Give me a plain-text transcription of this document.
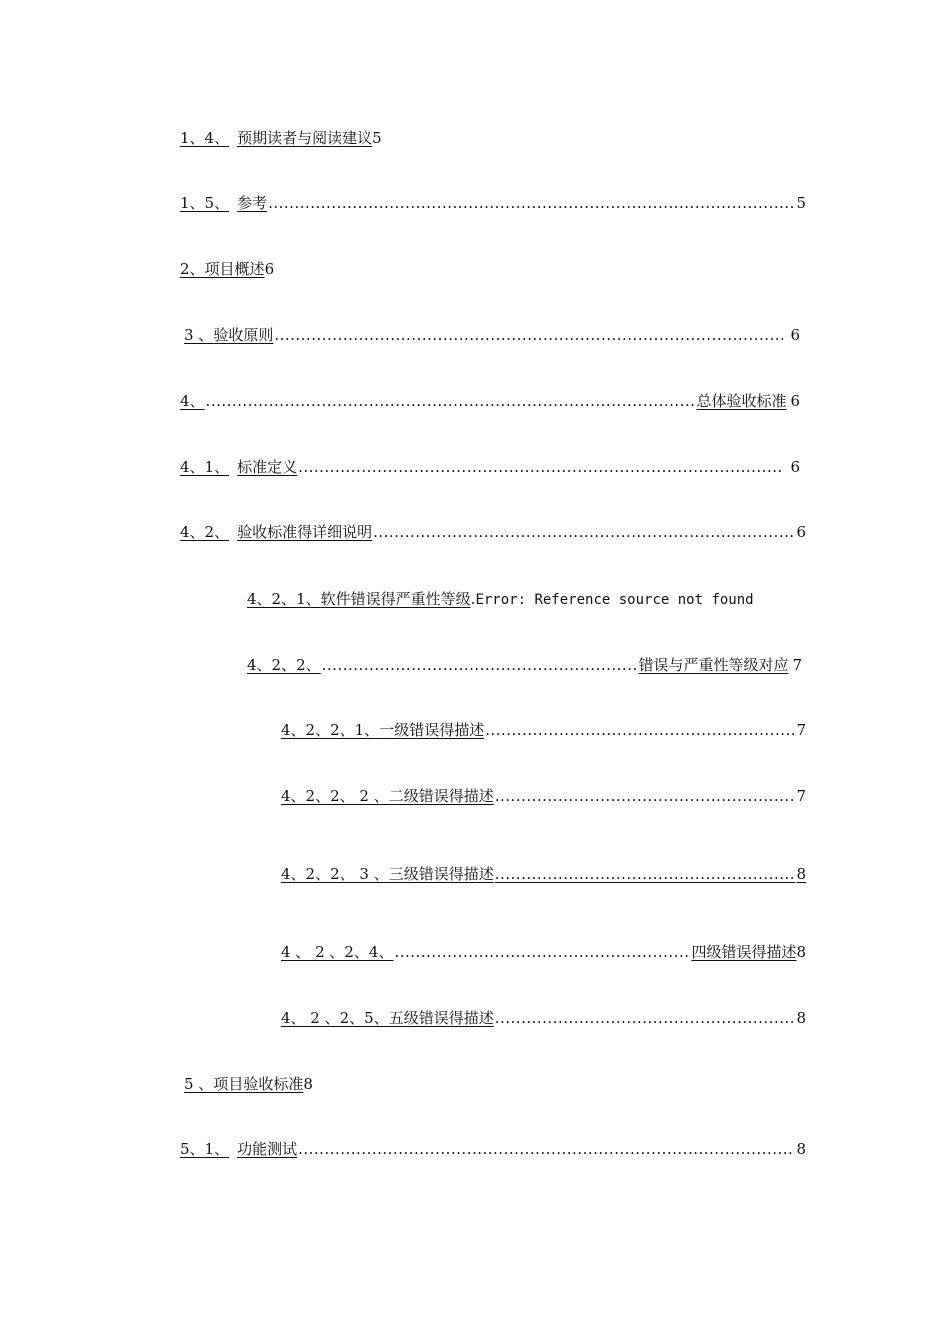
1、4、 预期读者与阅读建议 5
1、5、 参考 .....	5
2、 项目概述 6
3 、 验收原则 .....	6
4、 .....	总体验收标准 6
4、1、 标准定义 .....	6
4、2、 验收标准得详细说明 .....	6
4、2、1、 软件错误得严重性等级 . Error: Reference source not found
4、2、2、 .....	错误与严重性等级对应 7
4、2、2、1、 一级错误得描述 .....	7
4、2、2、 2 、 二级错误得描述 .....	7
4、2、2、 3 、 三级错误得描述 .....	8
4 、 2 、2、4、 .....	四级错误得描述 8
4、 2 、2、5、 五级错误得描述 .....	8
5 、 项目验收标准 8
5、1、 功能测试 .....	8
